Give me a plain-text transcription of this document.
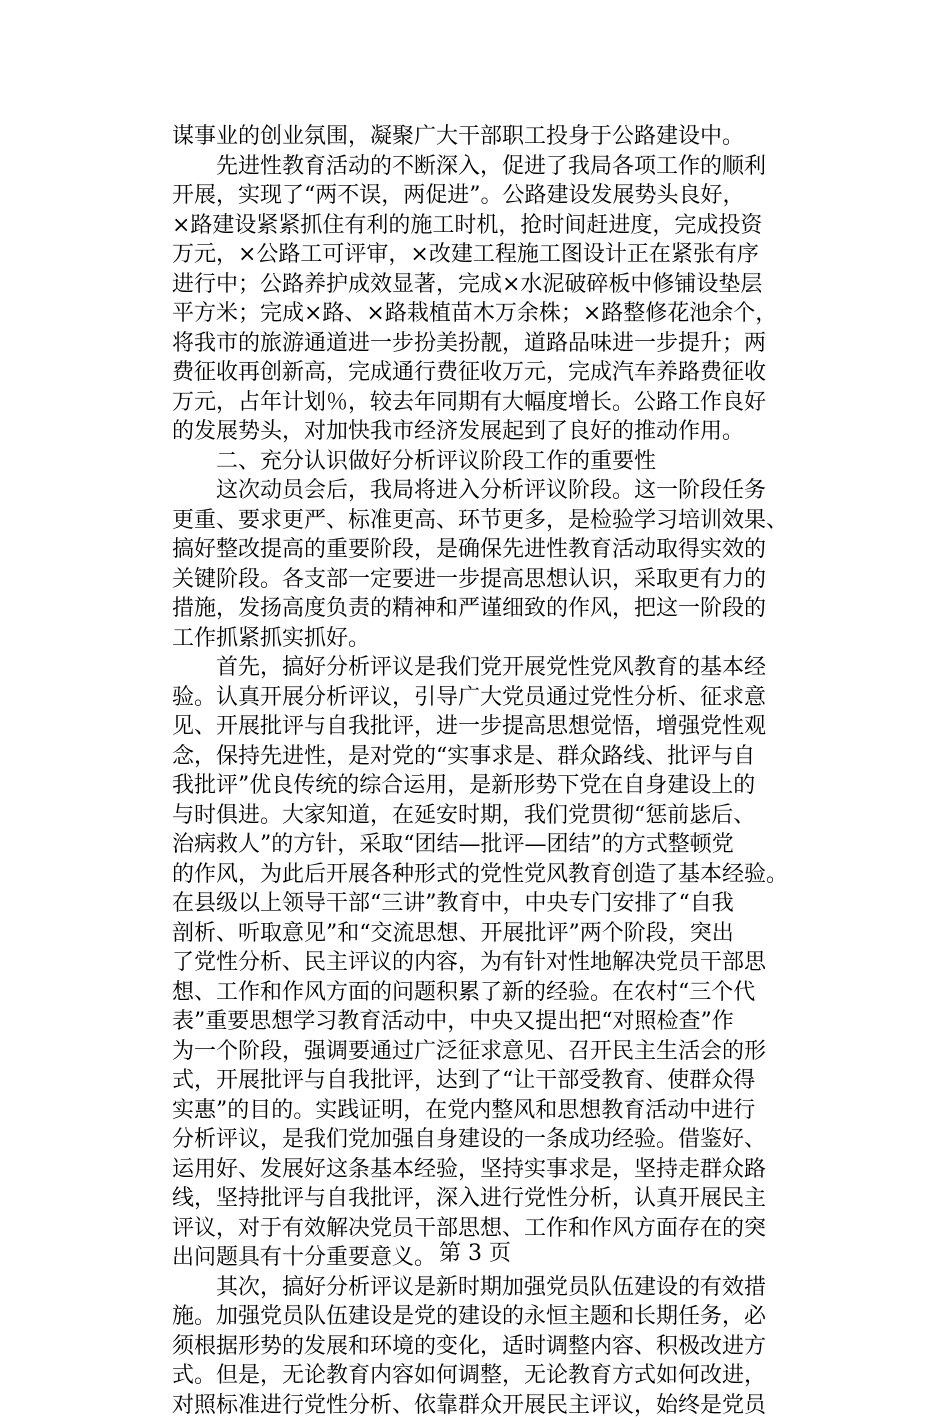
谋事业的创业氛围，凝聚广大干部职工投身于公路建设中。
　　先进性教育活动的不断深入，促进了我局各项工作的顺利
开展，实现了“两不误，两促进”。公路建设发展势头良好，
×路建设紧紧抓住有利的施工时机，抢时间赶进度，完成投资
万元，×公路工可评审，×改建工程施工图设计正在紧张有序
进行中；公路养护成效显著，完成×水泥破碎板中修铺设垫层
平方米；完成×路、×路栽植苗木万余株；×路整修花池余个，
将我市的旅游通道进一步扮美扮靓，道路品味进一步提升；两
费征收再创新高，完成通行费征收万元，完成汽车养路费征收
万元，占年计划％，较去年同期有大幅度增长。公路工作良好
的发展势头，对加快我市经济发展起到了良好的推动作用。
　　二、充分认识做好分析评议阶段工作的重要性
　　这次动员会后，我局将进入分析评议阶段。这一阶段任务
更重、要求更严、标准更高、环节更多，是检验学习培训效果、
搞好整改提高的重要阶段，是确保先进性教育活动取得实效的
关键阶段。各支部一定要进一步提高思想认识，采取更有力的
措施，发扬高度负责的精神和严谨细致的作风，把这一阶段的
工作抓紧抓实抓好。
　　首先，搞好分析评议是我们党开展党性党风教育的基本经
验。认真开展分析评议，引导广大党员通过党性分析、征求意
见、开展批评与自我批评，进一步提高思想觉悟，增强党性观
念，保持先进性，是对党的“实事求是、群众路线、批评与自
我批评”优良传统的综合运用，是新形势下党在自身建设上的
与时俱进。大家知道，在延安时期，我们党贯彻“惩前毖后、
治病救人”的方针，采取“团结—批评—团结”的方式整顿党
的作风，为此后开展各种形式的党性党风教育创造了基本经验。
在县级以上领导干部“三讲”教育中，中央专门安排了“自我
剖析、听取意见”和“交流思想、开展批评”两个阶段，突出
了党性分析、民主评议的内容，为有针对性地解决党员干部思
想、工作和作风方面的问题积累了新的经验。在农村“三个代
表”重要思想学习教育活动中，中央又提出把“对照检查”作
为一个阶段，强调要通过广泛征求意见、召开民主生活会的形
式，开展批评与自我批评，达到了“让干部受教育、使群众得
实惠”的目的。实践证明，在党内整风和思想教育活动中进行
分析评议，是我们党加强自身建设的一条成功经验。借鉴好、
运用好、发展好这条基本经验，坚持实事求是，坚持走群众路
线，坚持批评与自我批评，深入进行党性分析，认真开展民主
评议，对于有效解决党员干部思想、工作和作风方面存在的突
出问题具有十分重要意义。
　　其次，搞好分析评议是新时期加强党员队伍建设的有效措
施。加强党员队伍建设是党的建设的永恒主题和长期任务，必
须根据形势的发展和环境的变化，适时调整内容、积极改进方
式。但是，无论教育内容如何调整，无论教育方式如何改进，
对照标准进行党性分析、依靠群众开展民主评议，始终是党员
第 3 页
